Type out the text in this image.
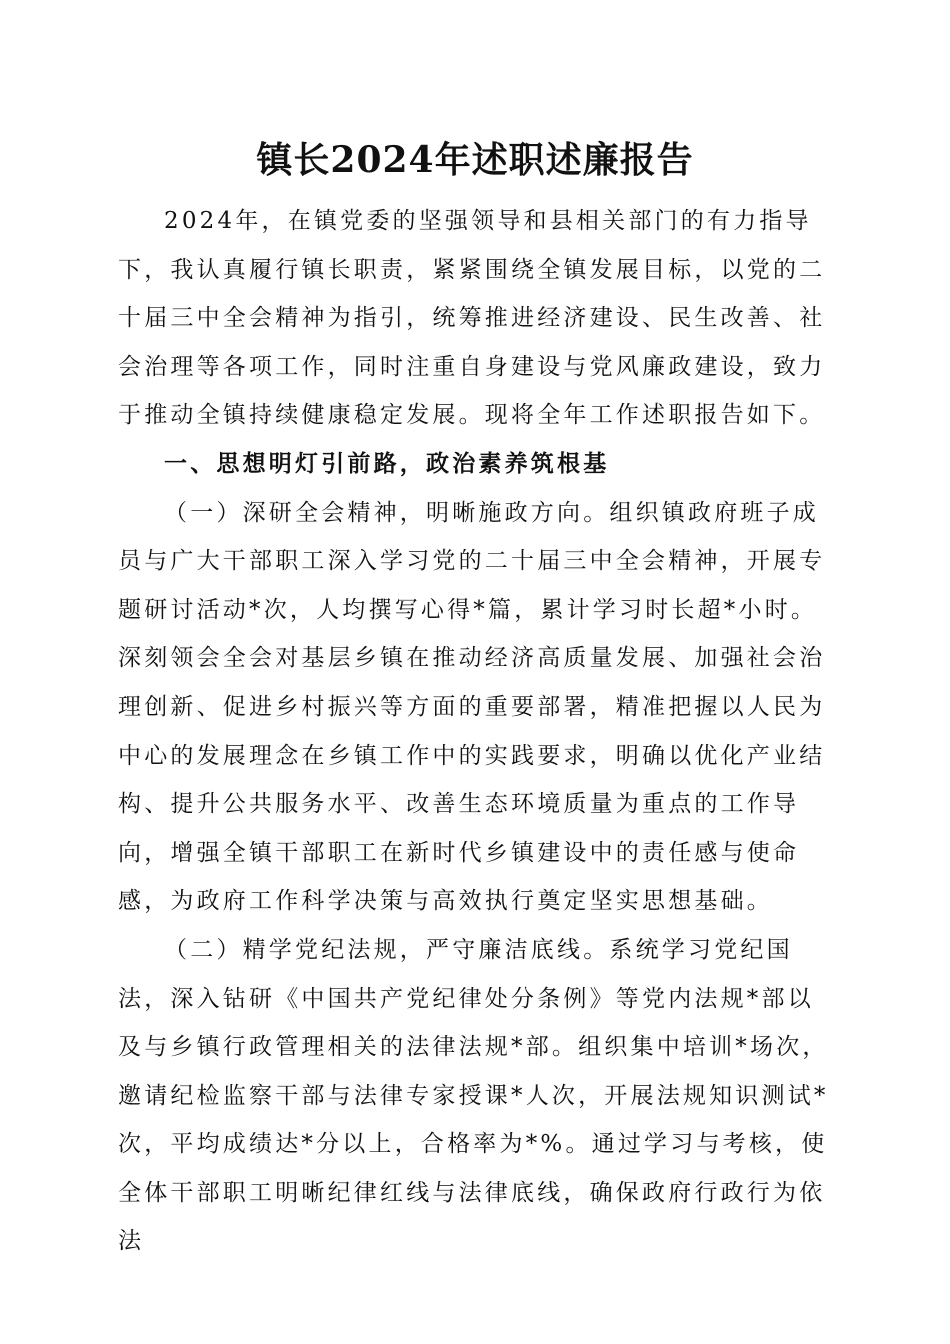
镇长2024年述职述廉报告

2024年，在镇党委的坚强领导和县相关部门的有力指导下，我认真履行镇长职责，紧紧围绕全镇发展目标，以党的二十届三中全会精神为指引，统筹推进经济建设、民生改善、社会治理等各项工作，同时注重自身建设与党风廉政建设，致力于推动全镇持续健康稳定发展。现将全年工作述职报告如下。

一、思想明灯引前路，政治素养筑根基

（一）深研全会精神，明晰施政方向。组织镇政府班子成员与广大干部职工深入学习党的二十届三中全会精神，开展专题研讨活动*次，人均撰写心得*篇，累计学习时长超*小时。深刻领会全会对基层乡镇在推动经济高质量发展、加强社会治理创新、促进乡村振兴等方面的重要部署，精准把握以人民为中心的发展理念在乡镇工作中的实践要求，明确以优化产业结构、提升公共服务水平、改善生态环境质量为重点的工作导向，增强全镇干部职工在新时代乡镇建设中的责任感与使命感，为政府工作科学决策与高效执行奠定坚实思想基础。

（二）精学党纪法规，严守廉洁底线。系统学习党纪国法，深入钻研《中国共产党纪律处分条例》等党内法规*部以及与乡镇行政管理相关的法律法规*部。组织集中培训*场次，邀请纪检监察干部与法律专家授课*人次，开展法规知识测试*次，平均成绩达*分以上，合格率为*%。通过学习与考核，使全体干部职工明晰纪律红线与法律底线，确保政府行政行为依法
